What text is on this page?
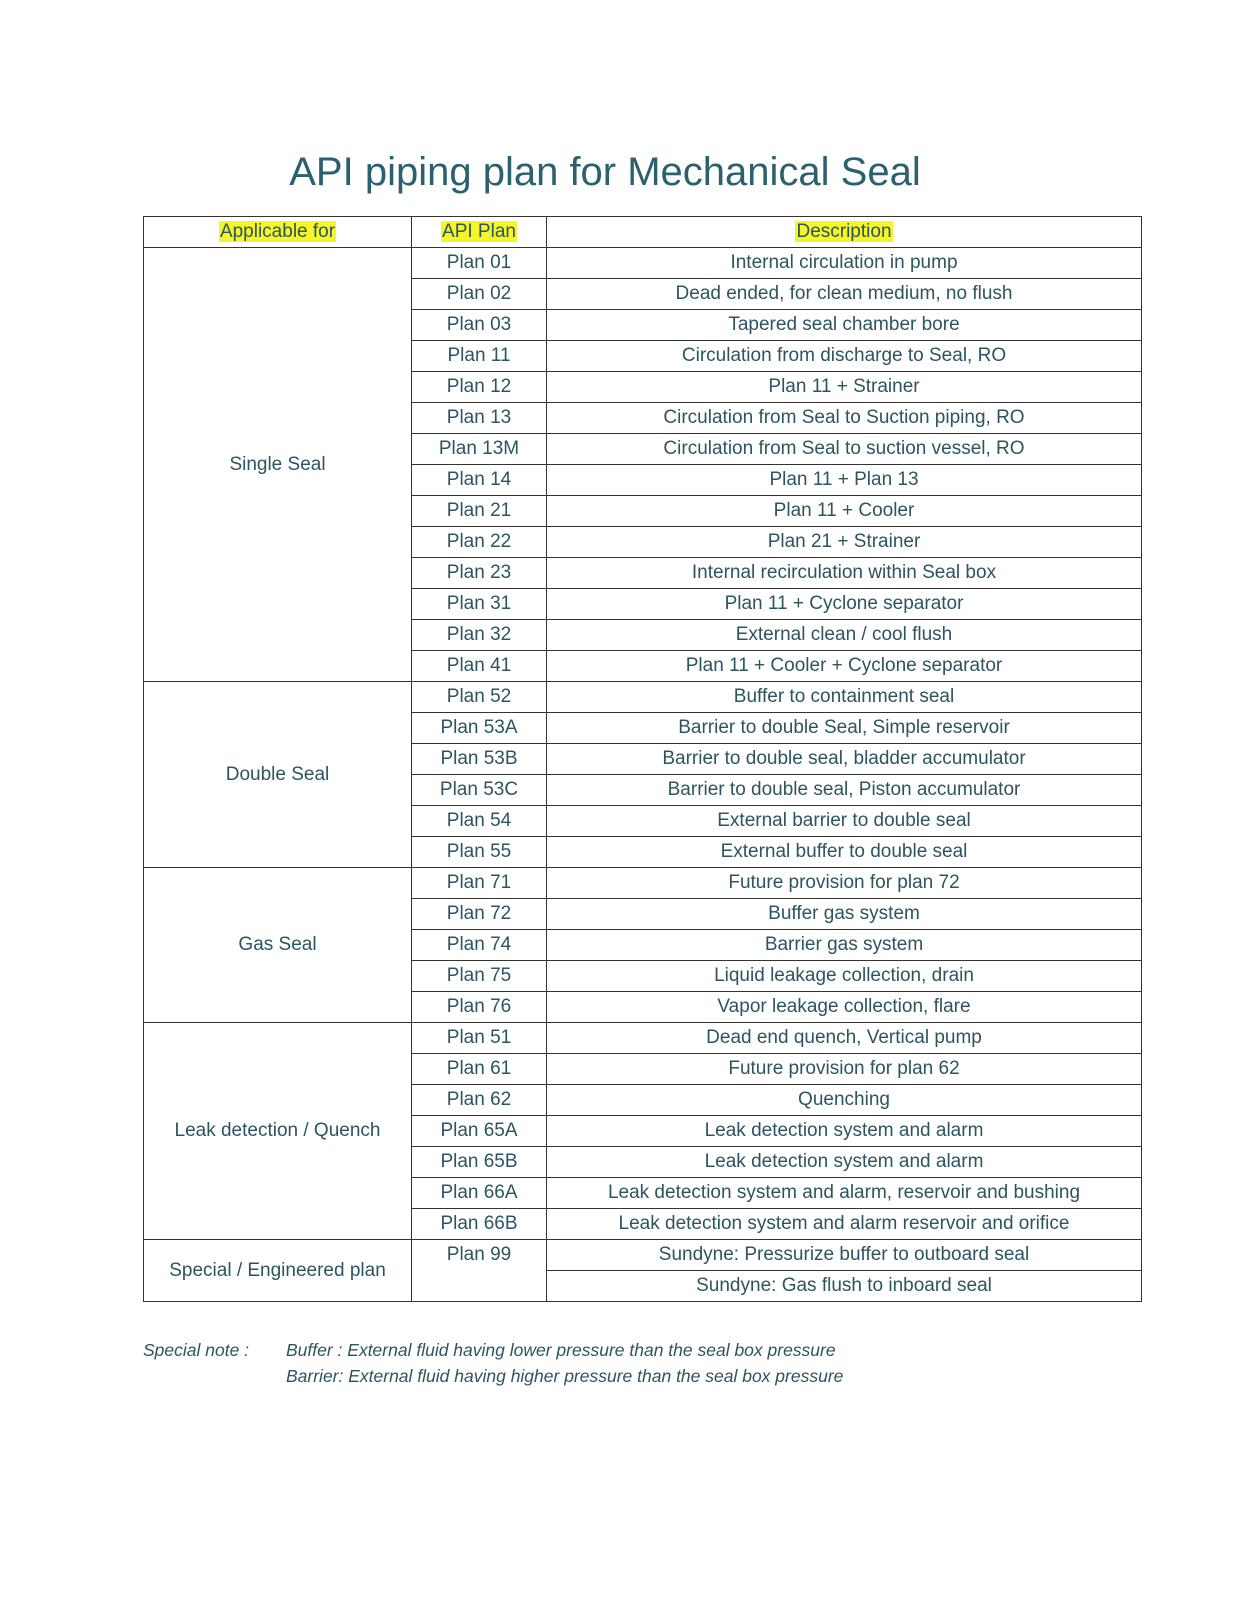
API piping plan for Mechanical Seal
Applicable for	API Plan	Description
Single Seal	Plan 01	Internal circulation in pump
	Plan 02	Dead ended, for clean medium, no flush
	Plan 03	Tapered seal chamber bore
	Plan 11	Circulation from discharge to Seal, RO
	Plan 12	Plan 11 + Strainer
	Plan 13	Circulation from Seal to Suction piping, RO
	Plan 13M	Circulation from Seal to suction vessel, RO
	Plan 14	Plan 11 + Plan 13
	Plan 21	Plan 11 + Cooler
	Plan 22	Plan 21 + Strainer
	Plan 23	Internal recirculation within Seal box
	Plan 31	Plan 11 + Cyclone separator
	Plan 32	External clean / cool flush
	Plan 41	Plan 11 + Cooler + Cyclone separator
Double Seal	Plan 52	Buffer to containment seal
	Plan 53A	Barrier to double Seal, Simple reservoir
	Plan 53B	Barrier to double seal, bladder accumulator
	Plan 53C	Barrier to double seal, Piston accumulator
	Plan 54	External barrier to double seal
	Plan 55	External buffer to double seal
Gas Seal	Plan 71	Future provision for plan 72
	Plan 72	Buffer gas system
	Plan 74	Barrier gas system
	Plan 75	Liquid leakage collection, drain
	Plan 76	Vapor leakage collection, flare
Leak detection / Quench	Plan 51	Dead end quench, Vertical pump
	Plan 61	Future provision for plan 62
	Plan 62	Quenching
	Plan 65A	Leak detection system and alarm
	Plan 65B	Leak detection system and alarm
	Plan 66A	Leak detection system and alarm, reservoir and bushing
	Plan 66B	Leak detection system and alarm reservoir and orifice
Special / Engineered plan	Plan 99	Sundyne: Pressurize buffer to outboard seal
		Sundyne: Gas flush to inboard seal
Special note : Buffer : External fluid having lower pressure than the seal box pressure
Barrier: External fluid having higher pressure than the seal box pressure
